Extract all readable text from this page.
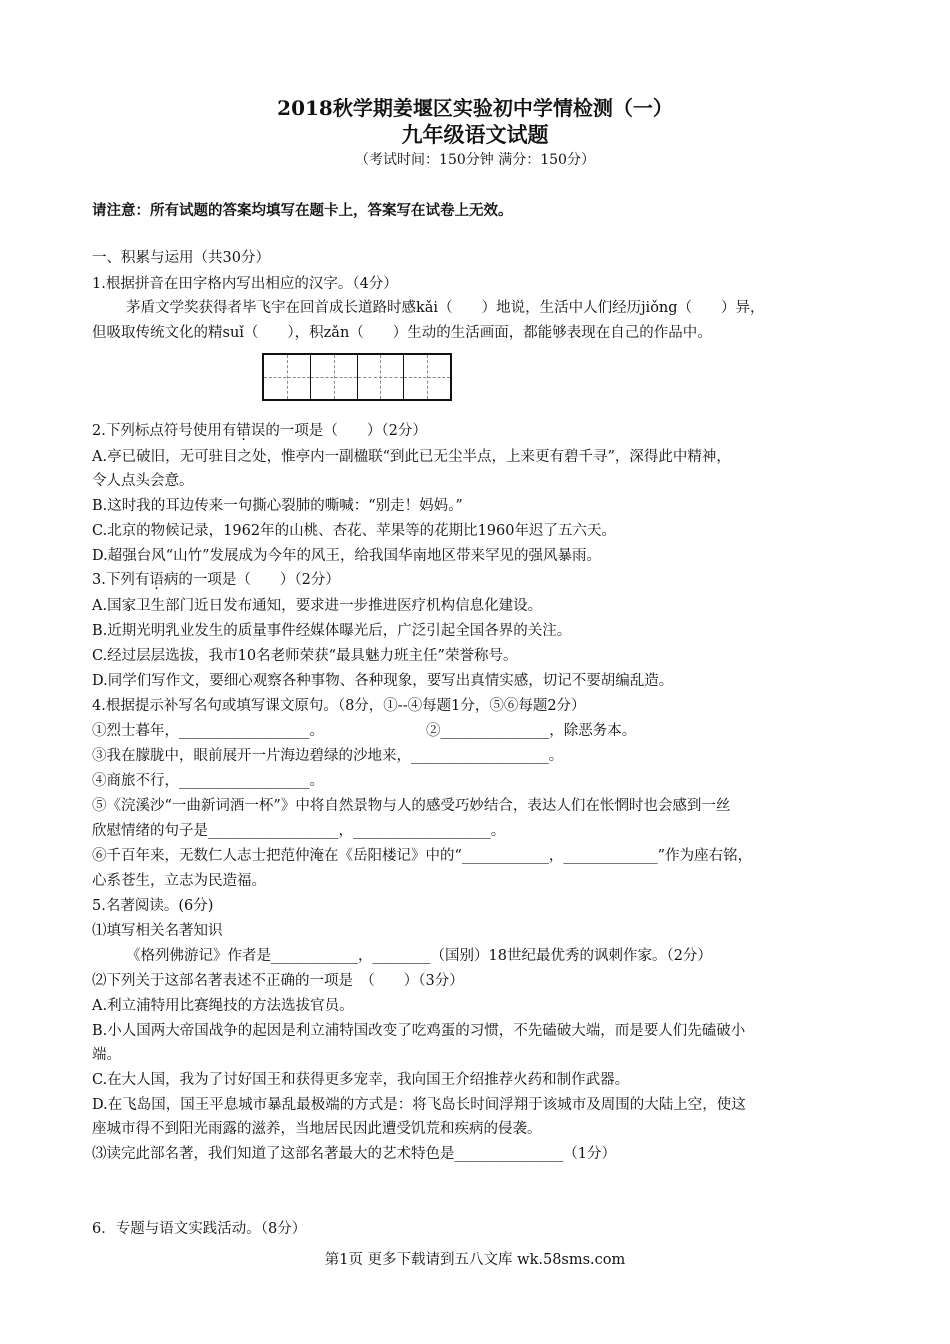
2018秋学期姜堰区实验初中学情检测（一）
九年级语文试题
（考试时间：150分钟 满分：150分）
请注意：所有试题的答案均填写在题卡上，答案写在试卷上无效。
一、积累与运用（共30分）
1.根据拼音在田字格内写出相应的汉字。（4分）
茅盾文学奖获得者毕飞宇在回首成长道路时感kǎi（　　）地说，生活中人们经历jiǒng（　　）异，
但吸取传统文化的精suǐ（　　），积zǎn（　　）生动的生活画面，都能够表现在自己的作品中。
2.下列标点符号使用有错误的一项是（　　）（2分）
A.亭已破旧，无可驻目之处，惟亭内一副楹联“到此已无尘半点，上来更有碧千寻”，深得此中精神，
令人点头会意。
B.这时我的耳边传来一句撕心裂肺的嘶喊：“别走！妈妈。”
C.北京的物候记录，1962年的山桃、杏花、苹果等的花期比1960年迟了五六天。
D.超强台风“山竹”发展成为今年的风王，给我国华南地区带来罕见的强风暴雨。
3.下列有语病的一项是（　　）（2分）
A.国家卫生部门近日发布通知，要求进一步推进医疗机构信息化建设。
B.近期光明乳业发生的质量事件经媒体曝光后，广泛引起全国各界的关注。
C.经过层层选拔，我市10名老师荣获“最具魅力班主任”荣誉称号。
D.同学们写作文，要细心观察各种事物、各种现象，要写出真情实感，切记不要胡编乱造。
4.根据提示补写名句或填写课文原句。（8分，①--④每题1分，⑤⑥每题2分）
①烈士暮年，__________________。	②_______________，除恶务本。
③我在朦胧中，眼前展开一片海边碧绿的沙地来，___________________。
④商旅不行，__________________。
⑤《浣溪沙“一曲新词酒一杯”》中将自然景物与人的感受巧妙结合，表达人们在怅惘时也会感到一丝
欣慰情绪的句子是__________________，___________________。
⑥千百年来，无数仁人志士把范仲淹在《岳阳楼记》中的“____________，_____________”作为座右铭，
心系苍生，立志为民造福。
5.名著阅读。(6分)
⑴填写相关名著知识
《格列佛游记》作者是____________，________（国别）18世纪最优秀的讽刺作家。（2分）
⑵下列关于这部名著表述不正确的一项是　（　　）（3分）
A.利立浦特用比赛绳技的方法选拔官员。
B.小人国两大帝国战争的起因是利立浦特国改变了吃鸡蛋的习惯，不先磕破大端，而是要人们先磕破小
端。
C.在大人国，我为了讨好国王和获得更多宠幸，我向国王介绍推荐火药和制作武器。
D.在飞岛国，国王平息城市暴乱最极端的方式是：将飞岛长时间浮翔于该城市及周围的大陆上空，使这
座城市得不到阳光雨露的滋养，当地居民因此遭受饥荒和疾病的侵袭。
⑶读完此部名著，我们知道了这部名著最大的艺术特色是_______________（1分）
6．专题与语文实践活动。（8分）
第1页 更多下载请到五八文库 wk.58sms.com
